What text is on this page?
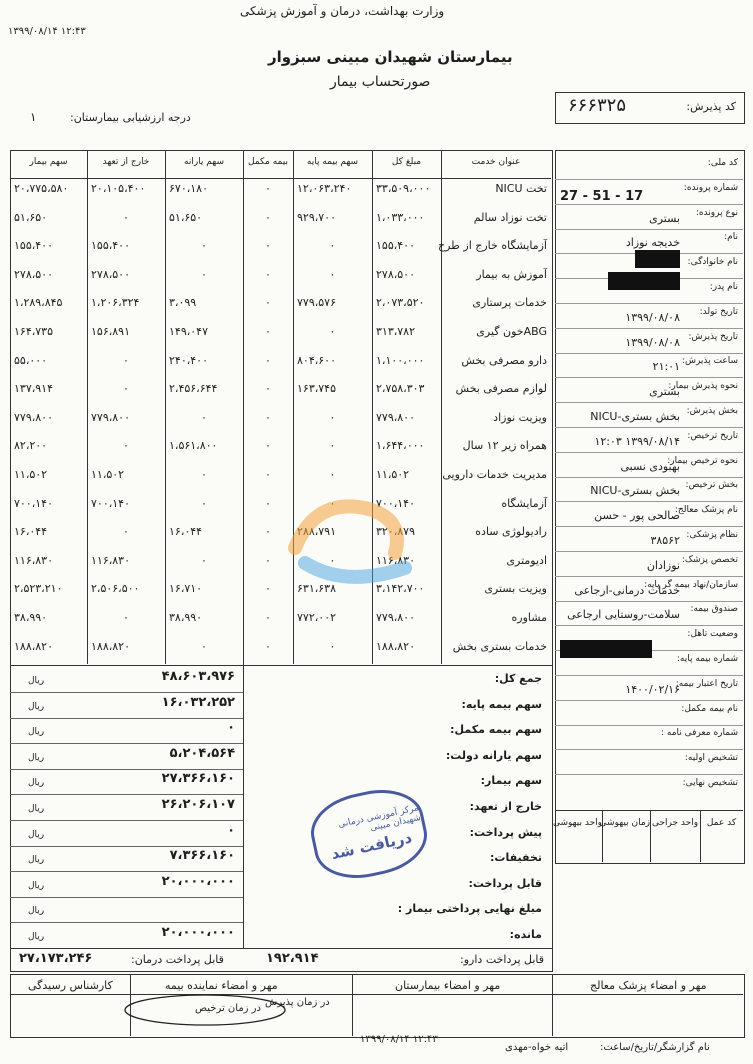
وزارت بهداشت، درمان و آموزش پزشکی
۱۳۹۹/۰۸/۱۴ ۱۲:۴۳
بیمارستان شهیدان مبینی سبزوار
صورتحساب بیمار
کد پذیرش:
۶۶۶۳۲۵
درجه ارزشیابی بیمارستان:
۱
عنوان خدمت
مبلغ کل
سهم بیمه پایه
بیمه مکمل
سهم یارانه
خارج از تعهد
سهم بیمار
تخت NICU
۳۳،۵۰۹،۰۰۰
۱۲،۰۶۳،۲۴۰
۰
۶۷۰،۱۸۰
۲۰،۱۰۵،۴۰۰
۲۰،۷۷۵،۵۸۰
تخت نوزاد سالم
۱،۰۳۳،۰۰۰
۹۲۹،۷۰۰
۰
۵۱،۶۵۰
۰
۵۱،۶۵۰
آزمایشگاه خارج از طرح
۱۵۵،۴۰۰
۰
۰
۰
۱۵۵،۴۰۰
۱۵۵،۴۰۰
آموزش به بیمار
۲۷۸،۵۰۰
۰
۰
۰
۲۷۸،۵۰۰
۲۷۸،۵۰۰
خدمات پرستاری
۲،۰۷۳،۵۲۰
۷۷۹،۵۷۶
۰
۳،۰۹۹
۱،۲۰۶،۳۲۴
۱،۲۸۹،۸۴۵
ABGخون گیری
۳۱۳،۷۸۲
۰
۰
۱۴۹،۰۴۷
۱۵۶،۸۹۱
۱۶۴،۷۳۵
دارو مصرفی بخش
۱،۱۰۰،۰۰۰
۸۰۴،۶۰۰
۰
۲۴۰،۴۰۰
۰
۵۵،۰۰۰
لوازم مصرفی بخش
۲،۷۵۸،۳۰۳
۱۶۳،۷۴۵
۰
۲،۴۵۶،۶۴۴
۰
۱۳۷،۹۱۴
ویزیت نوزاد
۷۷۹،۸۰۰
۰
۰
۰
۷۷۹،۸۰۰
۷۷۹،۸۰۰
همراه زیر ۱۲ سال
۱،۶۴۴،۰۰۰
۰
۰
۱،۵۶۱،۸۰۰
۰
۸۲،۲۰۰
مدیریت خدمات دارویی
۱۱،۵۰۲
۰
۰
۰
۱۱،۵۰۲
۱۱،۵۰۲
آزمایشگاه
۷۰۰،۱۴۰
۰
۰
۰
۷۰۰،۱۴۰
۷۰۰،۱۴۰
رادیولوژی ساده
۳۲۰،۸۷۹
۲۸۸،۷۹۱
۰
۱۶،۰۴۴
۰
۱۶،۰۴۴
ادیومتری
۱۱۶،۸۳۰
۰
۰
۰
۱۱۶،۸۳۰
۱۱۶،۸۳۰
ویزیت بستری
۳،۱۴۲،۷۰۰
۶۳۱،۶۳۸
۰
۱۶،۷۱۰
۲،۵۰۶،۵۰۰
۲،۵۲۳،۲۱۰
مشاوره
۷۷۹،۸۰۰
۷۷۲،۰۰۲
۰
۳۸،۹۹۰
۰
۳۸،۹۹۰
خدمات بستری بخش
۱۸۸،۸۲۰
۰
۰
۰
۱۸۸،۸۲۰
۱۸۸،۸۲۰
جمع کل:
۴۸،۶۰۳،۹۷۶
ریال
سهم بیمه پایه:
۱۶،۰۳۲،۲۵۲
ریال
سهم بیمه مکمل:
۰
ریال
سهم یارانه دولت:
۵،۲۰۴،۵۶۴
ریال
سهم بیمار:
۲۷،۳۶۶،۱۶۰
ریال
خارج از تعهد:
۲۶،۲۰۶،۱۰۷
ریال
پیش پرداخت:
۰
ریال
تخفیفات:
۷،۳۶۶،۱۶۰
ریال
قابل پرداخت:
۲۰،۰۰۰،۰۰۰
ریال
مبلغ نهایی پرداختی بیمار :
ریال
مانده:
۲۰،۰۰۰،۰۰۰
ریال
قابل پرداخت دارو:
۱۹۲،۹۱۴
قابل پرداخت درمان:
۲۷،۱۷۳،۲۴۶
کد ملی:
شماره پرونده:
17 - 51 - 27
نوع پرونده:
بستری
نام:
خدیجه نوزاد
نام خانوادگی:
نام پدر:
تاریخ تولد:
۱۳۹۹/۰۸/۰۸
تاریخ پذیرش:
۱۳۹۹/۰۸/۰۸
ساعت پذیرش:
۲۱:۰۱
نحوه پذیرش بیمار:
بستری
بخش پذیرش:
بخش بستری-NICU
تاریخ ترخیص:
۱۳۹۹/۰۸/۱۴ ۱۲:۰۳
نحوه ترخیص بیمار:
بهبودی نسبی
بخش ترخیص:
بخش بستری-NICU
نام پزشک معالج:
صالحی پور - حسن
نظام پزشکی:
۳۸۵۶۲
تخصص پزشک:
نوزادان
سازمان/نهاد بیمه گر پایه:
خدمات درمانی-ارجاعی
صندوق بیمه:
سلامت-روستایی ارجاعی
وضعیت تاهل:
شماره بیمه پایه:
تاریخ اعتبار بیمه:
۱۴۰۰/۰۲/۱۶
نام بیمه مکمل:
شماره معرفی نامه :
تشخیص اولیه:
تشخیص نهایی:
کد عمل
واحد جراحی
زمان بیهوشی
واحد بیهوشی
مهر و امضاء پزشک معالج
مهر و امضاء بیمارستان
مهر و امضاء نماینده بیمه
کارشناس رسیدگی
در زمان پذیرش
در زمان ترخیص
نام گزارشگر/تاریخ/ساعت:
اتیه خواه-مهدی
۱۳۹۹/۰۸/۱۴ ۱۲:۴۳
مرکز آموزشی درمانی شهیدان مبینی
دریافت شد
